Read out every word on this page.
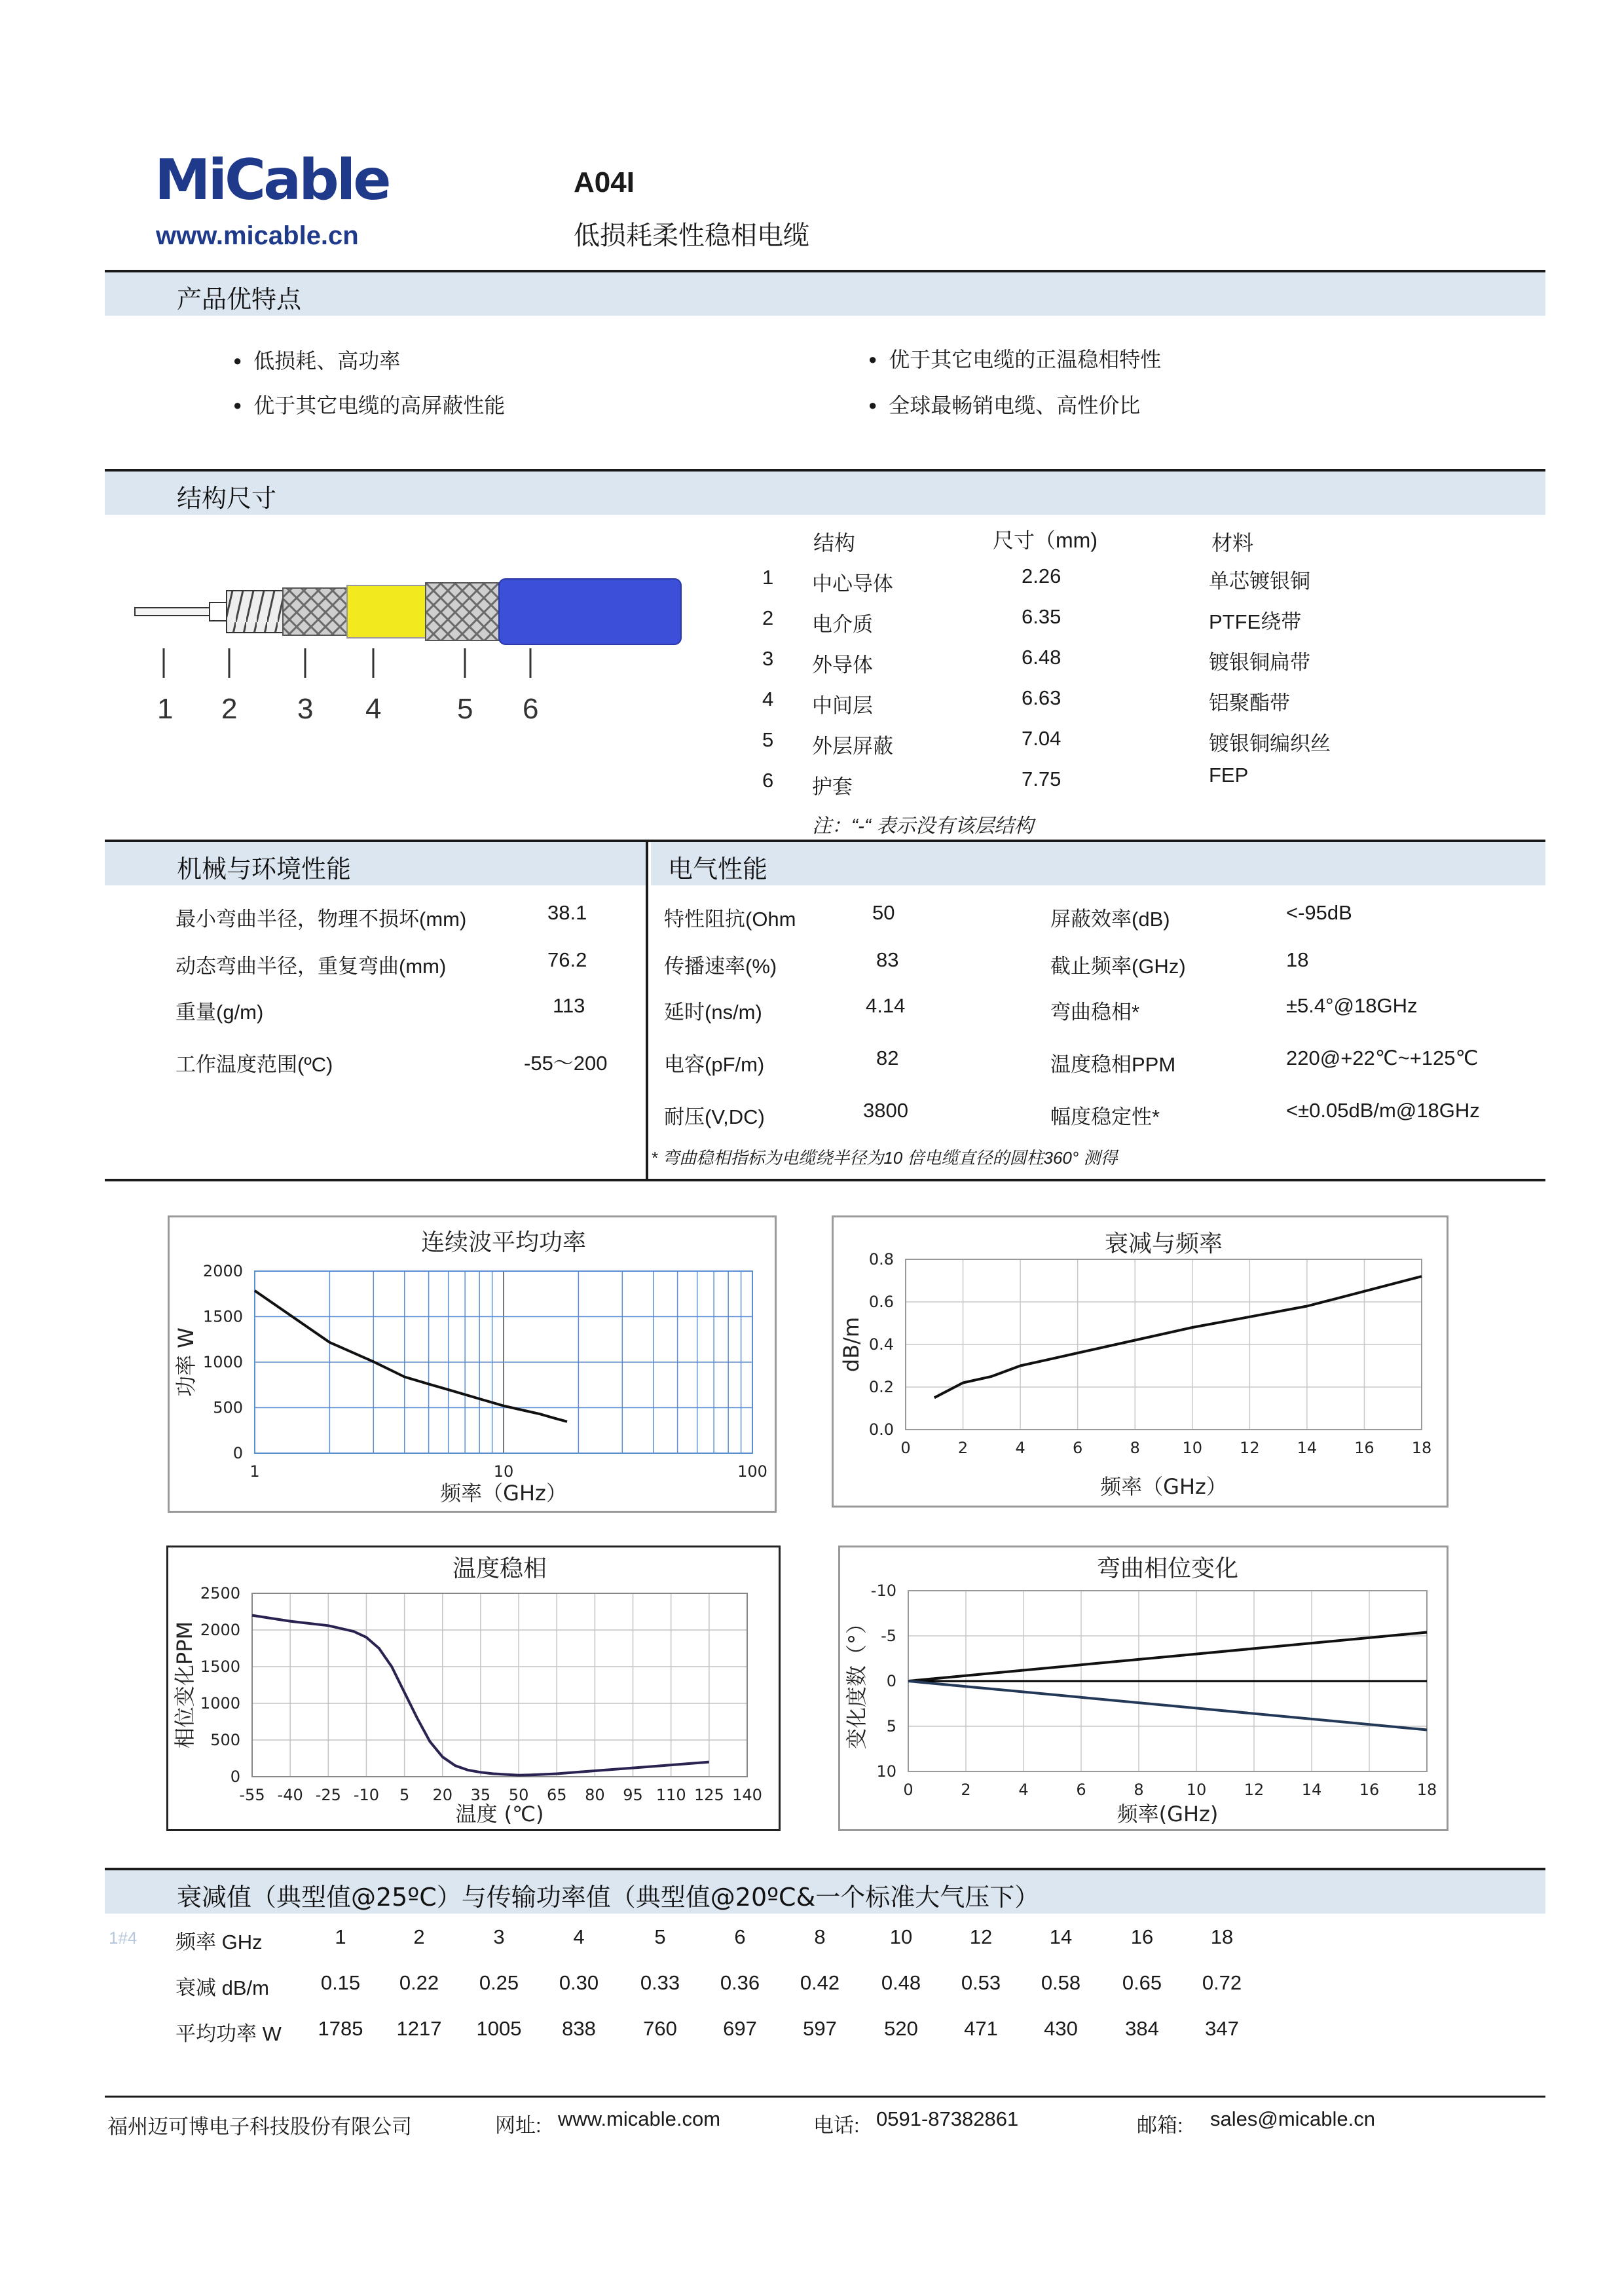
MiCable
www.micable.cn
A04I
低损耗柔性稳相电缆
产品优特点
● 低损耗、高功率	● 优于其它电缆的正温稳相特性
● 优于其它电缆的高屏蔽性能	● 全球最畅销电缆、高性价比
结构尺寸
1 2 3 4	5 6
结构	尺寸（mm)	材料
1 中心导体	2.26	单芯镀银铜
2 电介质	6.35	PTFE绕带
3 外导体	6.48	镀银铜扁带
4 中间层	6.63	铝聚酯带
5 外层屏蔽	7.04	镀银铜编织丝
6 护套	7.75	FEP
注：“-“ 表示没有该层结构
机械与环境性能	电气性能
最小弯曲半径，物理不损坏(mm)	38.1
动态弯曲半径，重复弯曲(mm)	76.2
重量(g/m)	113
工作温度范围(ºC)	-55～200
特性阻抗(Ohm	50	屏蔽效率(dB)	<-95dB
传播速率(%)	83	截止频率(GHz)	18
延时(ns/m)	4.14	弯曲稳相*	±5.4°@18GHz
电容(pF/m)	82	温度稳相PPM	220@+22℃~+125℃
耐压(V,DC)	3800	幅度稳定性*	<±0.05dB/m@18GHz
* 弯曲稳相指标为电缆绕半径为10 倍电缆直径的圆柱360° 测得
连续波平均功率
1	10	100
0
500
1000
1500
2000
频率（GHz）
功率 W
衰减与频率
0	2	4	6	8	10 12 14 16 18
0.0
0.2
0.4
0.6
0.8
频率（GHz）
dB/m
温度稳相
-55 -40 -25 -10 5 20 35 50 65 80 95 110 125 140
0
500
1000
1500
2000
2500
温度 (℃)
相位变化PPM
弯曲相位变化
0	2	4	6	8	10 12 14 16 18
-10
-5
0
5
10
频率(GHz)
变化度数（°）
衰减值（典型值@25ºC）与传输功率值（典型值@20ºC&一个标准大气压下）
1#4 频率 GHz	1	2	3	4	5	6	8	10	12	14	16	18
衰减 dB/m	0.15	0.22	0.25	0.30	0.33	0.36	0.42	0.48	0.53	0.58	0.65	0.72
平均功率 W	1785	1217	1005	838	760	697	597	520	471	430	384	347
福州迈可博电子科技股份有限公司	网址: www.micable.com	电话: 0591-87382861	邮箱: sales@micable.cn
